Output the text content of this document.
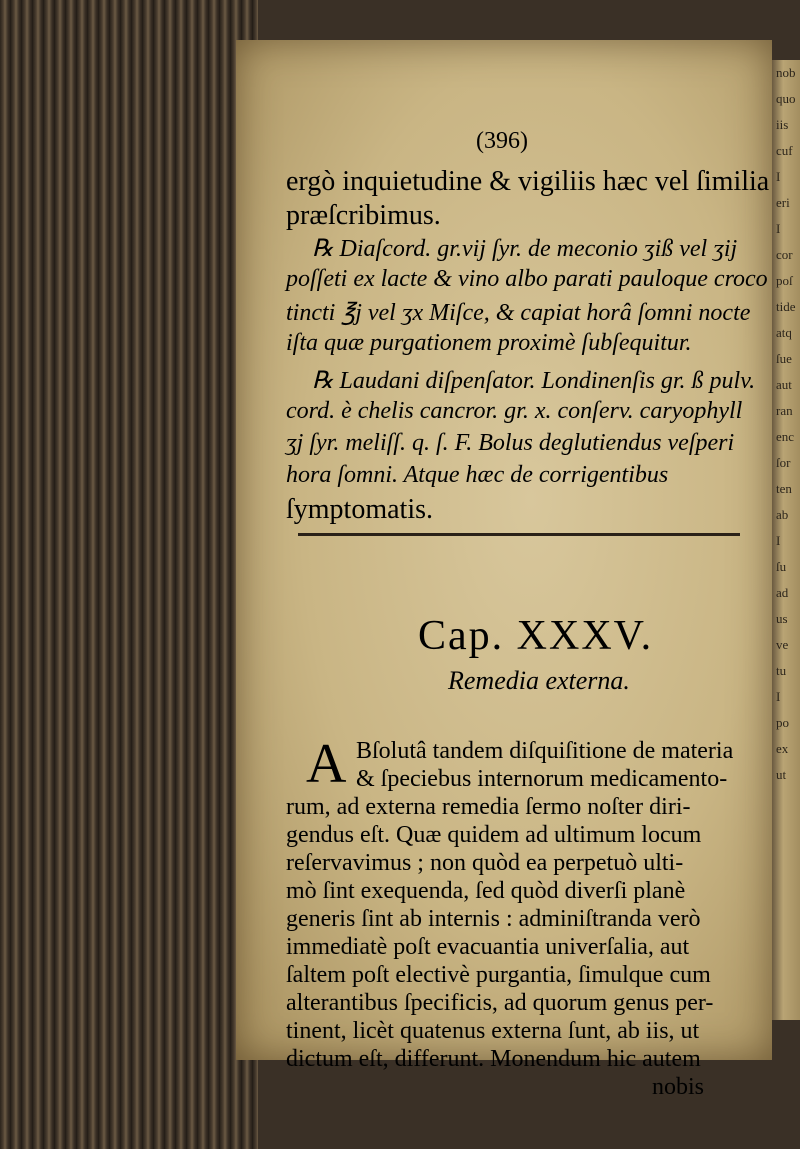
nob
quo
iis
cuf
I
eri
I
cor
poſ
tide
atq
ſue
aut
ran
enc
ſor
ten
ab
I
ſu
ad
us
ve
tu
I
po
ex
ut
(396)
ergò inquietudine & vigiliis hæc vel ſimilia
præſcribimus.
℞ Diaſcord. gr.vij ſyr. de meconio ʒiß vel ʒij
poſſeti ex lacte & vino albo parati pauloque croco
tincti ℥j vel ʒx Miſce, & capiat horâ ſomni nocte
iſta quæ purgationem proximè ſubſequitur.
℞ Laudani diſpenſator. Londinenſis gr. ß pulv.
cord. è chelis cancror. gr. x. conſerv. caryophyll
ʒj ſyr. meliſſ. q. ſ. F. Bolus deglutiendus veſperi
hora ſomni. Atque hæc de corrigentibus
ſymptomatis.
Cap. XXXV.
Remedia externa.
A Bſolutâ tandem diſquiſitione de materia
& ſpeciebus internorum medicamento-
rum, ad externa remedia ſermo noſter diri-
gendus eſt. Quæ quidem ad ultimum locum
reſervavimus ; non quòd ea perpetuò ulti-
mò ſint exequenda, ſed quòd diverſi planè
generis ſint ab internis : adminiſtranda verò
immediatè poſt evacuantia univerſalia, aut
ſaltem poſt electivè purgantia, ſimulque cum
alterantibus ſpecificis, ad quorum genus per-
tinent, licèt quatenus externa ſunt, ab iis, ut
dictum eſt, differunt. Monendum hic autem
nobis
